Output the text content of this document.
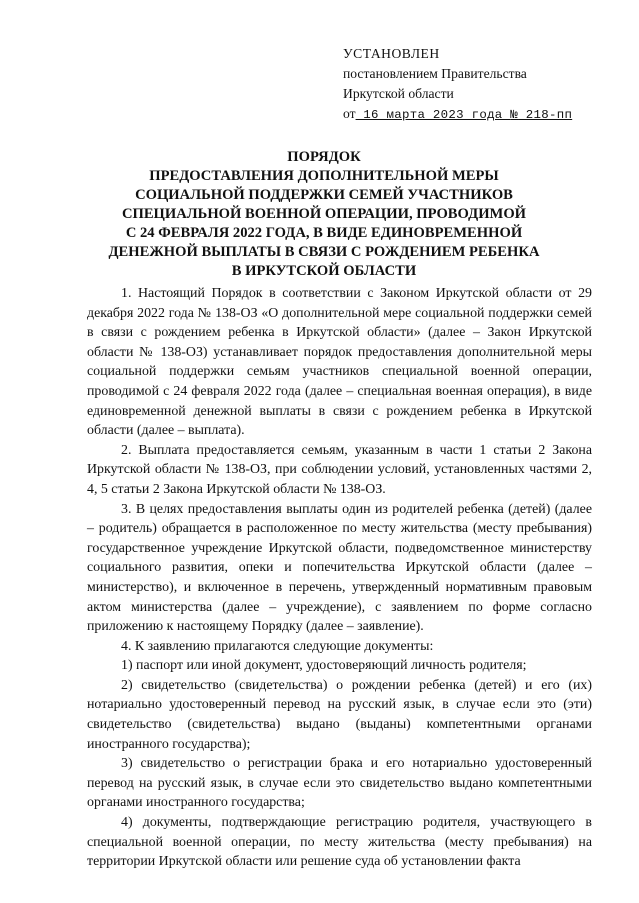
УСТАНОВЛЕН
постановлением Правительства
Иркутской области
от 16 марта 2023 года № 218-пп
ПОРЯДОК
ПРЕДОСТАВЛЕНИЯ ДОПОЛНИТЕЛЬНОЙ МЕРЫ
СОЦИАЛЬНОЙ ПОДДЕРЖКИ СЕМЕЙ УЧАСТНИКОВ
СПЕЦИАЛЬНОЙ ВОЕННОЙ ОПЕРАЦИИ, ПРОВОДИМОЙ
С 24 ФЕВРАЛЯ 2022 ГОДА, В ВИДЕ ЕДИНОВРЕМЕННОЙ
ДЕНЕЖНОЙ ВЫПЛАТЫ В СВЯЗИ С РОЖДЕНИЕМ РЕБЕНКА
В ИРКУТСКОЙ ОБЛАСТИ

1. Настоящий Порядок в соответствии с Законом Иркутской области от 29 декабря 2022 года № 138-ОЗ «О дополнительной мере социальной поддержки семей в связи с рождением ребенка в Иркутской области» (далее – Закон Иркутской области № 138-ОЗ) устанавливает порядок предоставления дополнительной меры социальной поддержки семьям участников специальной военной операции, проводимой с 24 февраля 2022 года (далее – специальная военная операция), в виде единовременной денежной выплаты в связи с рождением ребенка в Иркутской области (далее – выплата).

2. Выплата предоставляется семьям, указанным в части 1 статьи 2 Закона Иркутской области № 138-ОЗ, при соблюдении условий, установленных частями 2, 4, 5 статьи 2 Закона Иркутской области № 138-ОЗ.

3. В целях предоставления выплаты один из родителей ребенка (детей) (далее – родитель) обращается в расположенное по месту жительства (месту пребывания) государственное учреждение Иркутской области, подведомственное министерству социального развития, опеки и попечительства Иркутской области (далее – министерство), и включенное в перечень, утвержденный нормативным правовым актом министерства (далее – учреждение), с заявлением по форме согласно приложению к настоящему Порядку (далее – заявление).

4. К заявлению прилагаются следующие документы:

1) паспорт или иной документ, удостоверяющий личность родителя;

2) свидетельство (свидетельства) о рождении ребенка (детей) и его (их) нотариально удостоверенный перевод на русский язык, в случае если это (эти) свидетельство (свидетельства) выдано (выданы) компетентными органами иностранного государства);

3) свидетельство о регистрации брака и его нотариально удостоверенный перевод на русский язык, в случае если это свидетельство выдано компетентными органами иностранного государства;

4) документы, подтверждающие регистрацию родителя, участвующего в специальной военной операции, по месту жительства (месту пребывания) на территории Иркутской области или решение суда об установлении факта
